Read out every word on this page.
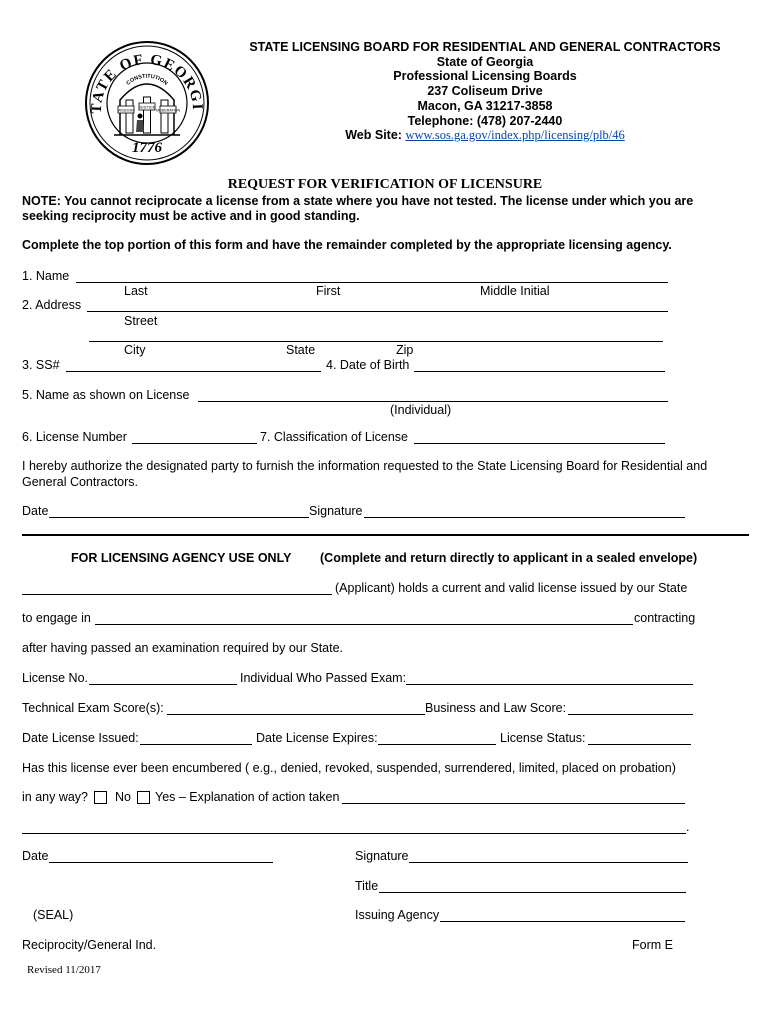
TATE OF GEORGI
1776
CONSTITUTION
WISDOM
JUSTICE
MODERATION
STATE LICENSING BOARD FOR RESIDENTIAL AND GENERAL CONTRACTORS
State of Georgia
Professional Licensing Boards
237 Coliseum Drive
Macon, GA 31217-3858
Telephone: (478) 207-2440
Web Site: www.sos.ga.gov/index.php/licensing/plb/46
REQUEST FOR VERIFICATION OF LICENSURE
NOTE: You cannot reciprocate a license from a state where you have not tested. The license under which you are seeking reciprocity must be active and in good standing.
Complete the top portion of this form and have the remainder completed by the appropriate licensing agency.
1. Name
Last	First	Middle Initial
2. Address
Street
City	State	Zip
3. SS#	4. Date of Birth
5. Name as shown on License
(Individual)
6. License Number	7. Classification of License
I hereby authorize the designated party to furnish the information requested to the State Licensing Board for Residential and General Contractors.
Date	Signature
FOR LICENSING AGENCY USE ONLY (Complete and return directly to applicant in a sealed envelope)
(Applicant) holds a current and valid license issued by our State
to engage in	contracting
after having passed an examination required by our State.
License No.	Individual Who Passed Exam:
Technical Exam Score(s):	Business and Law Score:
Date License Issued:	Date License Expires:	License Status:
Has this license ever been encumbered ( e.g., denied, revoked, suspended, surrendered, limited, placed on probation)
in any way? No Yes – Explanation of action taken
.
Date	Signature
Title
(SEAL)	Issuing Agency
Reciprocity/General Ind.	Form E
Revised 11/2017
